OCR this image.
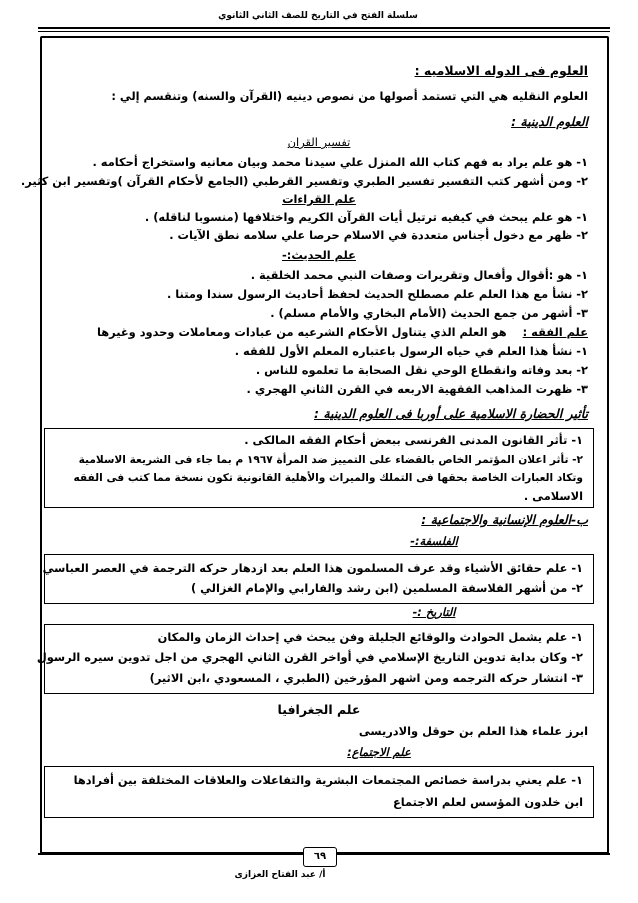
سلسلة الفتح في التاريخ للصف الثاني الثانوي
العلوم فى الدوله الاسلاميه :
العلوم النقليه هي التي تستمد أصولها من نصوص دينيه (القرآن والسنه) وتنقسم إلي :
العلوم الدينية :
تفسير القران
١- هو علم يراد به فهم كتاب الله المنزل علي سيدنا محمد وبيان معانيه واستخراج أحكامه .
٢- ومن أشهر كتب التفسير تفسير الطبري وتفسير القرطبي (الجامع لأحكام القرآن )وتفسير ابن كثير.
علم القراءات
١- هو علم يبحث في كيفيه ترتيل أيات القرآن الكريم واختلافها (منسوبا لناقله) .
٢- ظهر مع دخول أجناس متعددة في الاسلام حرصا علي سلامه نطق الآيات .
علم الحديث:-
١- هو :أقوال وأفعال وتقريرات وصفات النبي محمد الخلقية .
٢- نشأ مع هذا العلم علم مصطلح الحديث لحفظ أحاديث الرسول سندا ومتنا .
٣- أشهر من جمع الحديث (الأمام البخاري والأمام مسلم) .
علم الفقه : هو العلم الذي يتناول الأحكام الشرعيه من عبادات ومعاملات وحدود وغيرها
١- نشأ هذا العلم في حياه الرسول باعتباره المعلم الأول للفقه .
٢- بعد وفاته وانقطاع الوحي نقل الصحابة ما تعلموه للناس .
٣- ظهرت المذاهب الفقهية الاربعه في القرن الثاني الهجري .
تأثير الحضارة الاسلامية على أوربا فى العلوم الدينية :
١- تأثر القانون المدنى الفرنسى ببعض أحكام الفقه المالكى .
٢- تأثر اعلان المؤتمر الخاص بالقضاء على التمييز ضد المرأة ١٩٦٧ م بما جاء فى الشريعة الاسلامية
وتكاد العبارات الخاصة بحقها فى التملك والميراث والأهلية القانونية تكون نسخة مما كتب فى الفقه
الاسلامى .
ب-العلوم الإنسانية والاجتماعية :
الفلسفة:-
١- علم حقائق الأشياء وقد عرف المسلمون هذا العلم بعد ازدهار حركه الترجمة في العصر العباسي
٢- من أشهر الفلاسفة المسلمين (ابن رشد والفارابي والإمام الغزالي )
التاريخ :-
١- علم يشمل الحوادث والوقائع الجليلة وفن يبحث في إحداث الزمان والمكان
٢- وكان بداية تدوين التاريخ الإسلامي في أواخر القرن الثاني الهجري من اجل تدوين سيره الرسول
٣- انتشار حركه الترجمه ومن اشهر المؤرخين (الطبري ، المسعودي ،ابن الاثير)
علم الجغرافيا
ابرز علماء هذا العلم بن حوقل والادريسى
علم الاجتماع:
١- علم يعني بدراسة خصائص المجتمعات البشرية والتفاعلات والعلاقات المختلفة بين أفرادها
ابن خلدون المؤسس لعلم الاجتماع
٦٩
أ/ عبد الفتاح العزازى
